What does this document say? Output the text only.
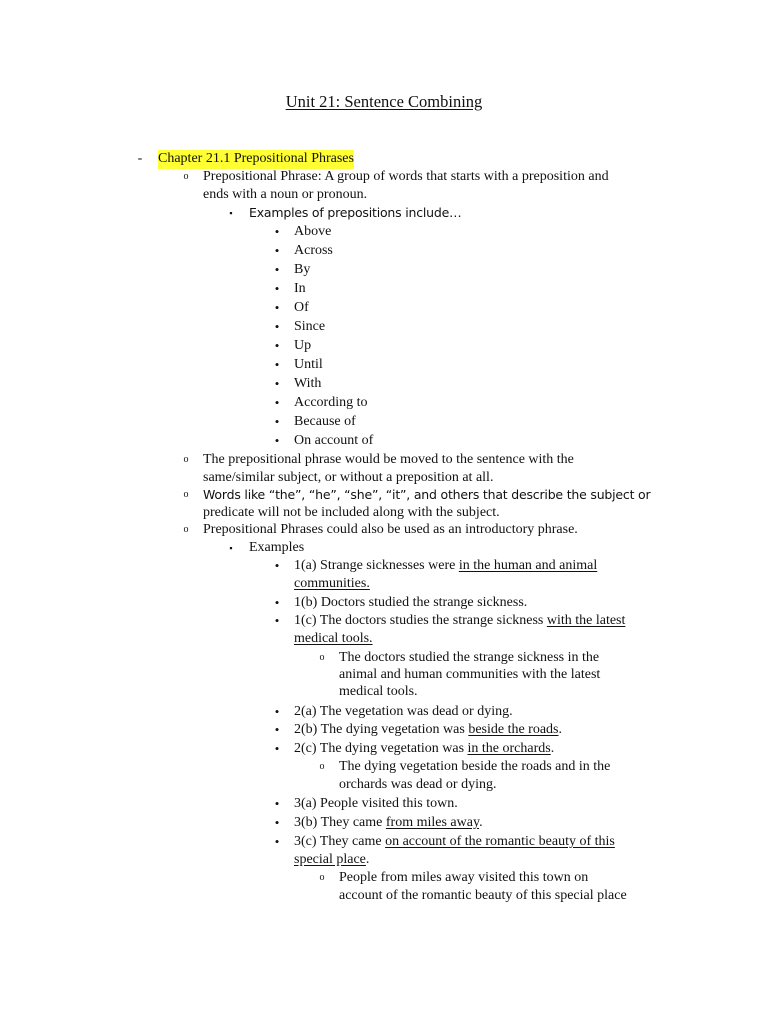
Unit 21: Sentence Combining
- Chapter 21.1 Prepositional Phrases
o Prepositional Phrase: A group of words that starts with a preposition and
ends with a noun or pronoun.
▪	Examples of prepositions include…
• Above
• Across
• By
• In
• Of
• Since
• Up
• Until
• With
• According to
• Because of
• On account of
o The prepositional phrase would be moved to the sentence with the
same/similar subject, or without a preposition at all.
o Words like “the”, “he”, “she”, “it”, and others that describe the subject or
predicate will not be included along with the subject.
o Prepositional Phrases could also be used as an introductory phrase.
▪	Examples
• 1(a) Strange sicknesses were in the human and animal
communities.
• 1(b) Doctors studied the strange sickness.
• 1(c) The doctors studies the strange sickness with the latest
medical tools.
o The doctors studied the strange sickness in the
animal and human communities with the latest
medical tools.
• 2(a) The vegetation was dead or dying.
• 2(b) The dying vegetation was beside the roads.
• 2(c) The dying vegetation was in the orchards.
o The dying vegetation beside the roads and in the
orchards was dead or dying.
• 3(a) People visited this town.
• 3(b) They came from miles away.
• 3(c) They came on account of the romantic beauty of this
special place.
o People from miles away visited this town on
account of the romantic beauty of this special place
